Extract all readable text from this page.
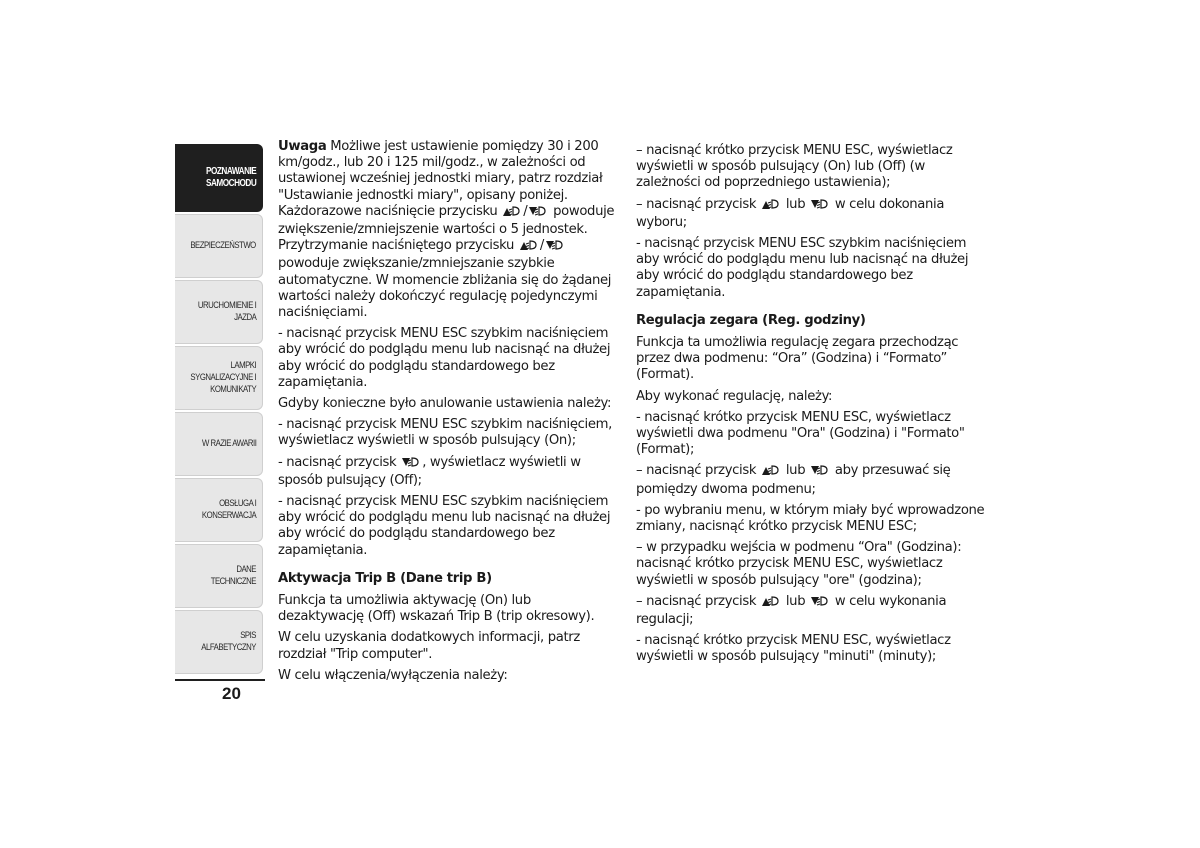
POZNAWANIE
SAMOCHODU
BEZPIECZEŃSTWO
URUCHOMIENIE I
JAZDA
LAMPKI
SYGNALIZACYJNE I
KOMUNIKATY
W RAZIE AWARII
OBSŁUGA I
KONSERWACJA
DANE TECHNICZNE
SPIS ALFABETYCZNY
20

Uwaga Możliwe jest ustawienie pomiędzy 30 i 200 km/godz., lub 20 i 125 mil/godz., w zależności od ustawionej wcześniej jednostki miary, patrz rozdział "Ustawianie jednostki miary", opisany poniżej. Każdorazowe naciśnięcie przycisku / powoduje zwiększenie/zmniejszenie wartości o 5 jednostek. Przytrzymanie naciśniętego przycisku / powoduje zwiększanie/zmniejszanie szybkie automatyczne. W momencie zbliżania się do żądanej wartości należy dokończyć regulację pojedynczymi naciśnięciami.

- nacisnąć przycisk MENU ESC szybkim naciśnięciem aby wrócić do podglądu menu lub nacisnąć na dłużej aby wrócić do podglądu standardowego bez zapamiętania.

Gdyby konieczne było anulowanie ustawienia należy:

- nacisnąć przycisk MENU ESC szybkim naciśnięciem, wyświetlacz wyświetli w sposób pulsujący (On);

- nacisnąć przycisk , wyświetlacz wyświetli w sposób pulsujący (Off);

- nacisnąć przycisk MENU ESC szybkim naciśnięciem aby wrócić do podglądu menu lub nacisnąć na dłużej aby wrócić do podglądu standardowego bez zapamiętania.

Aktywacja Trip B (Dane trip B)

Funkcja ta umożliwia aktywację (On) lub dezaktywację (Off) wskazań Trip B (trip okresowy).

W celu uzyskania dodatkowych informacji, patrz rozdział "Trip computer".

W celu włączenia/wyłączenia należy:

– nacisnąć krótko przycisk MENU ESC, wyświetlacz wyświetli w sposób pulsujący (On) lub (Off) (w zależności od poprzedniego ustawienia);

– nacisnąć przycisk  lub  w celu dokonania wyboru;

- nacisnąć przycisk MENU ESC szybkim naciśnięciem aby wrócić do podglądu menu lub nacisnąć na dłużej aby wrócić do podglądu standardowego bez zapamiętania.

Regulacja zegara (Reg. godziny)

Funkcja ta umożliwia regulację zegara przechodząc przez dwa podmenu: “Ora” (Godzina) i “Formato” (Format).

Aby wykonać regulację, należy:

- nacisnąć krótko przycisk MENU ESC, wyświetlacz wyświetli dwa podmenu "Ora" (Godzina) i "Formato" (Format);

– nacisnąć przycisk  lub  aby przesuwać się pomiędzy dwoma podmenu;

- po wybraniu menu, w którym miały być wprowadzone zmiany, nacisnąć krótko przycisk MENU ESC;

– w przypadku wejścia w podmenu “Ora" (Godzina): nacisnąć krótko przycisk MENU ESC, wyświetlacz wyświetli w sposób pulsujący "ore" (godzina);

– nacisnąć przycisk  lub  w celu wykonania regulacji;

- nacisnąć krótko przycisk MENU ESC, wyświetlacz wyświetli w sposób pulsujący "minuti" (minuty);
